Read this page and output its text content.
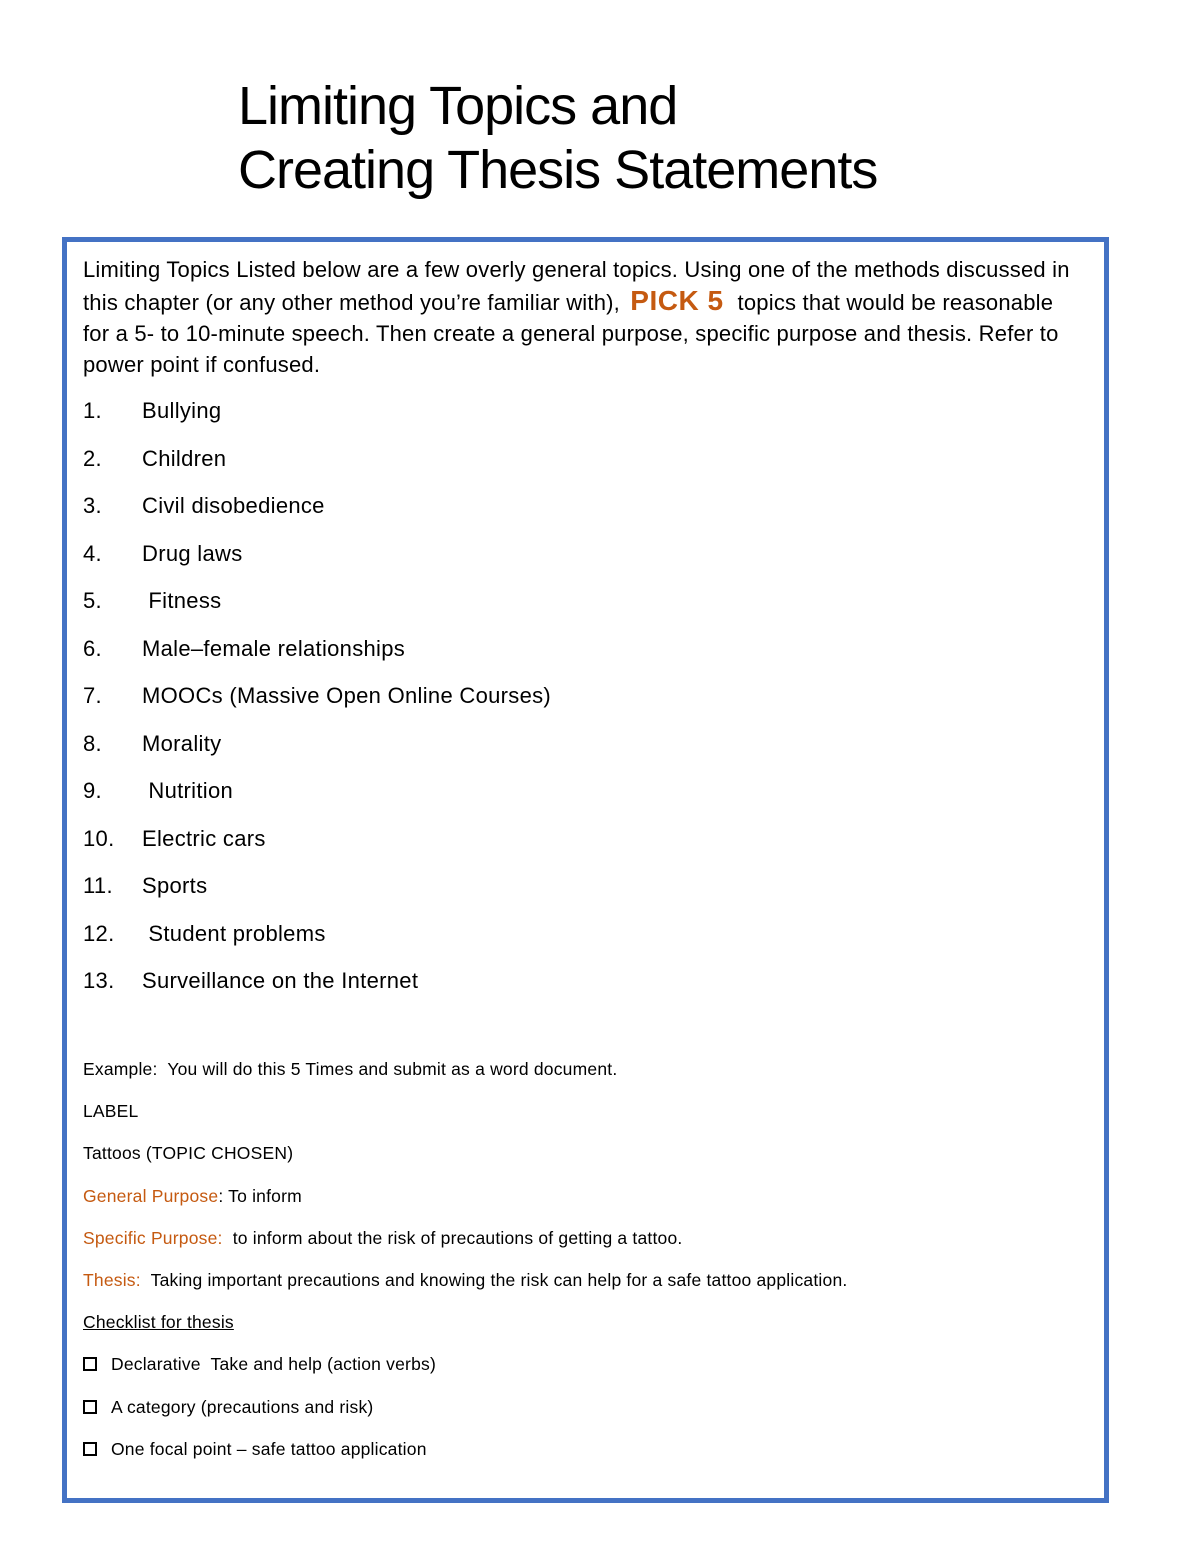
Limiting Topics and
Creating Thesis Statements

Limiting Topics Listed below are a few overly general topics. Using one of the methods discussed in this chapter (or any other method you’re familiar with), PICK 5 topics that would be reasonable for a 5- to 10-minute speech. Then create a general purpose, specific purpose and thesis. Refer to power point if confused.

1. Bullying
2. Children
3. Civil disobedience
4. Drug laws
5. Fitness
6. Male–female relationships
7. MOOCs (Massive Open Online Courses)
8. Morality
9. Nutrition
10. Electric cars
11. Sports
12. Student problems
13. Surveillance on the Internet
Example:  You will do this 5 Times and submit as a word document.
LABEL
Tattoos (TOPIC CHOSEN)
General Purpose: To inform
Specific Purpose:  to inform about the risk of precautions of getting a tattoo.
Thesis:  Taking important precautions and knowing the risk can help for a safe tattoo application.
Checklist for thesis
Declarative  Take and help (action verbs)
A category (precautions and risk)
One focal point – safe tattoo application
